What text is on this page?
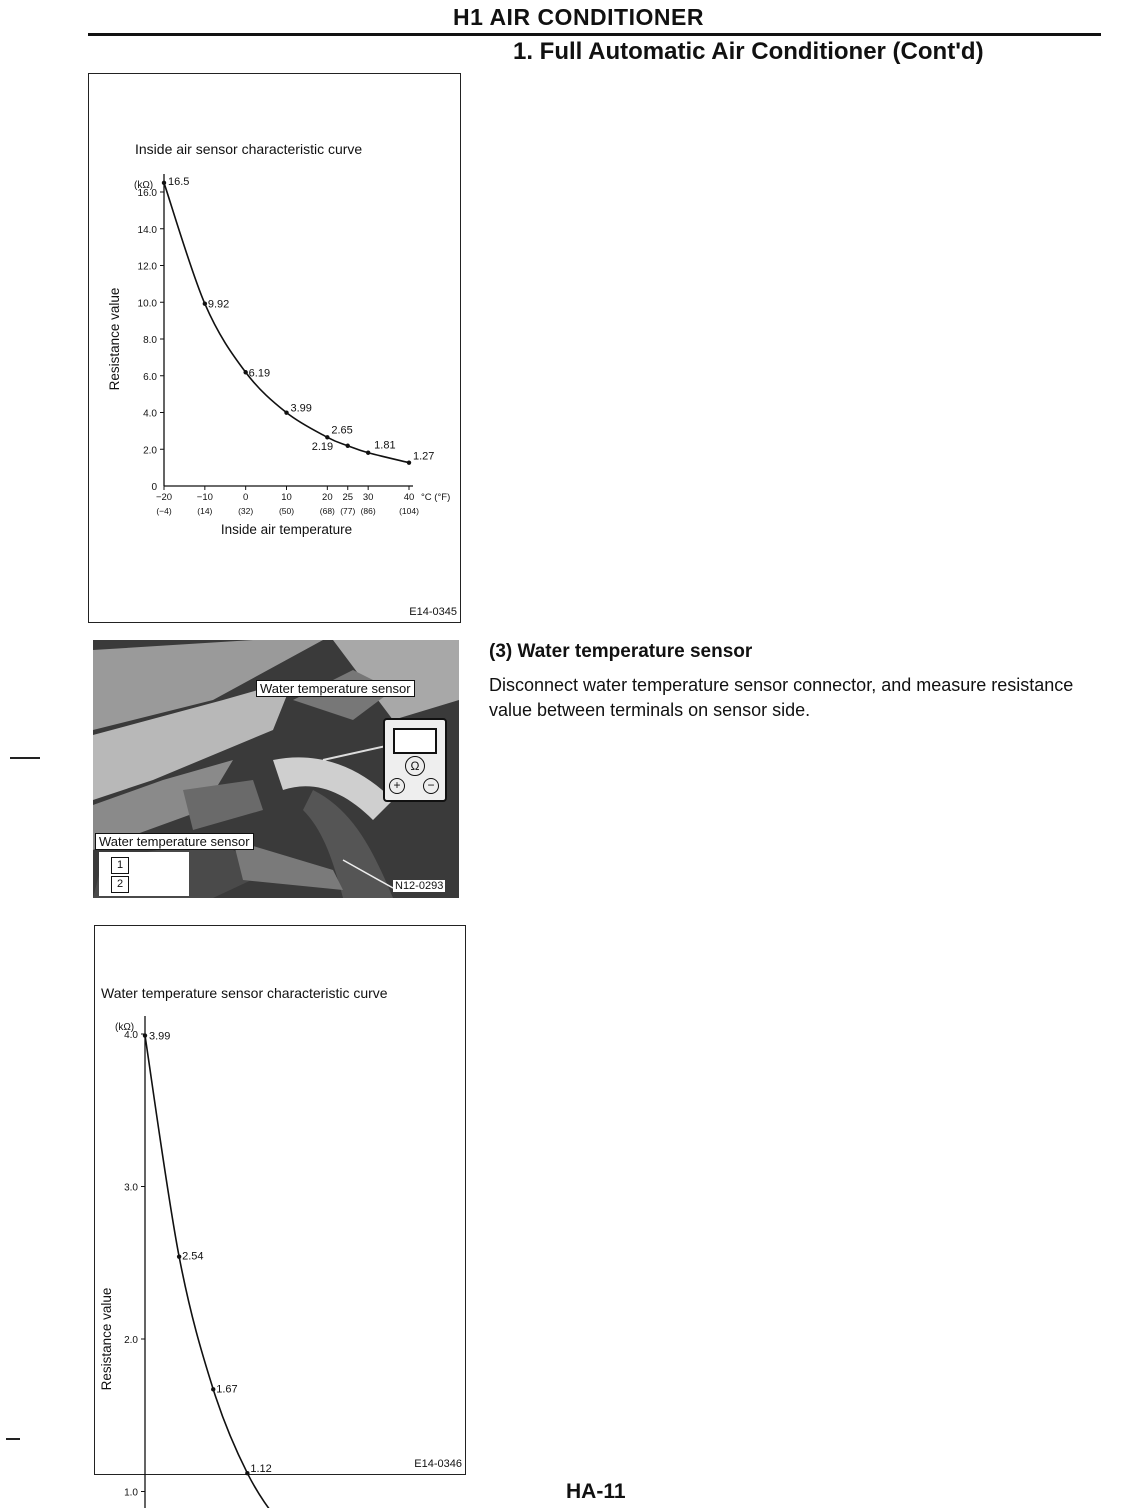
H1 AIR CONDITIONER
1. Full Automatic Air Conditioner (Cont'd)
Inside air sensor characteristic curve
(kΩ)
0
2.0
4.0
6.0
8.0
10.0
12.0
14.0
16.0
−20
(−4)
−10
(14)
0
(32)
10
(50)
20
(68)
25
(77)
30
(86)
40
(104)
°C (°F)
Inside air temperature
Resistance value
16.5
9.92
6.19
3.99
2.65
2.19	1.81
1.27
E14-0345
Ω
+	−
Water temperature sensor
Water temperature sensor
1
2	N12-0293
Water temperature sensor characteristic curve
(kΩ)
1.0
2.0
3.0
4.0
Resistance value
3.99
2.54
1.67
1.12	E14-0346
(3) Water temperature sensor
Disconnect water temperature sensor connector, and measure resistance value between terminals on sensor side.
HA-11
